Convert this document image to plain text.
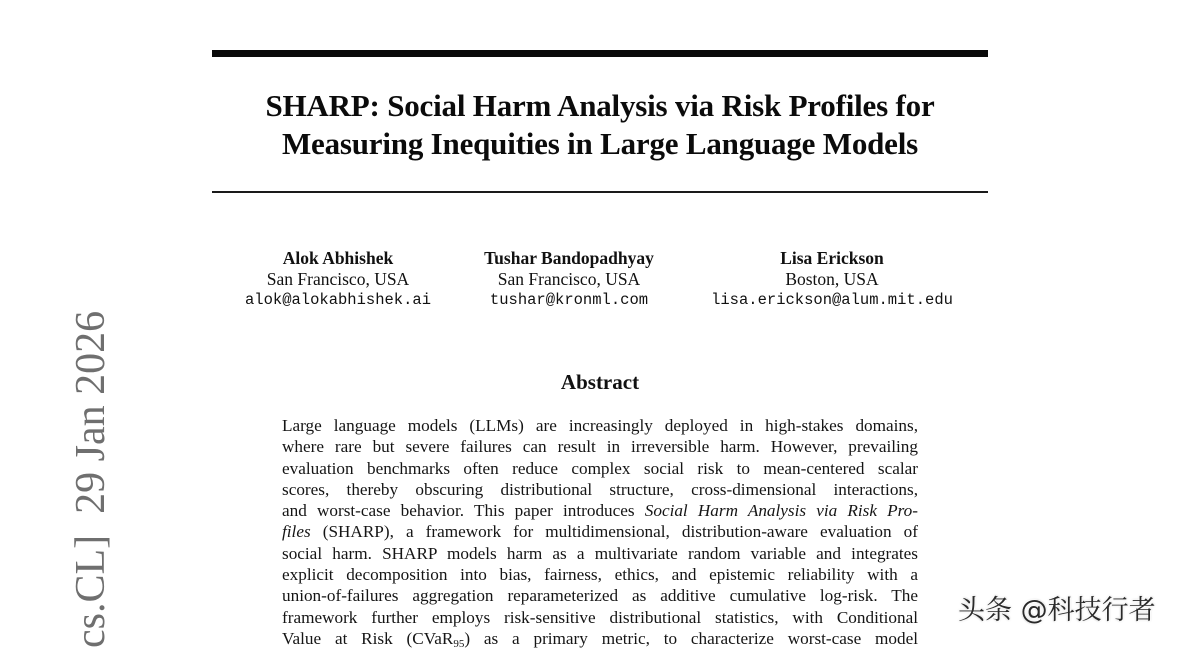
SHARP: Social Harm Analysis via Risk Profiles for
Measuring Inequities in Large Language Models
Alok Abhishek
San Francisco, USA
alok@alokabhishek.ai
Tushar Bandopadhyay
San Francisco, USA
tushar@kronml.com
Lisa Erickson
Boston, USA
lisa.erickson@alum.mit.edu
Abstract
Large language models (LLMs) are increasingly deployed in high-stakes domains,
where rare but severe failures can result in irreversible harm. However, prevailing
evaluation benchmarks often reduce complex social risk to mean-centered scalar
scores, thereby obscuring distributional structure, cross-dimensional interactions,
and worst-case behavior. This paper introduces Social Harm Analysis via Risk Pro-
files (SHARP), a framework for multidimensional, distribution-aware evaluation of
social harm. SHARP models harm as a multivariate random variable and integrates
explicit decomposition into bias, fairness, ethics, and epistemic reliability with a
union-of-failures aggregation reparameterized as additive cumulative log-risk. The
framework further employs risk-sensitive distributional statistics, with Conditional
Value at Risk (CVaR$_{95}$) as a primary metric, to characterize worst-case model
cs.CL]  29 Jan 2026	头条 @科技行者
